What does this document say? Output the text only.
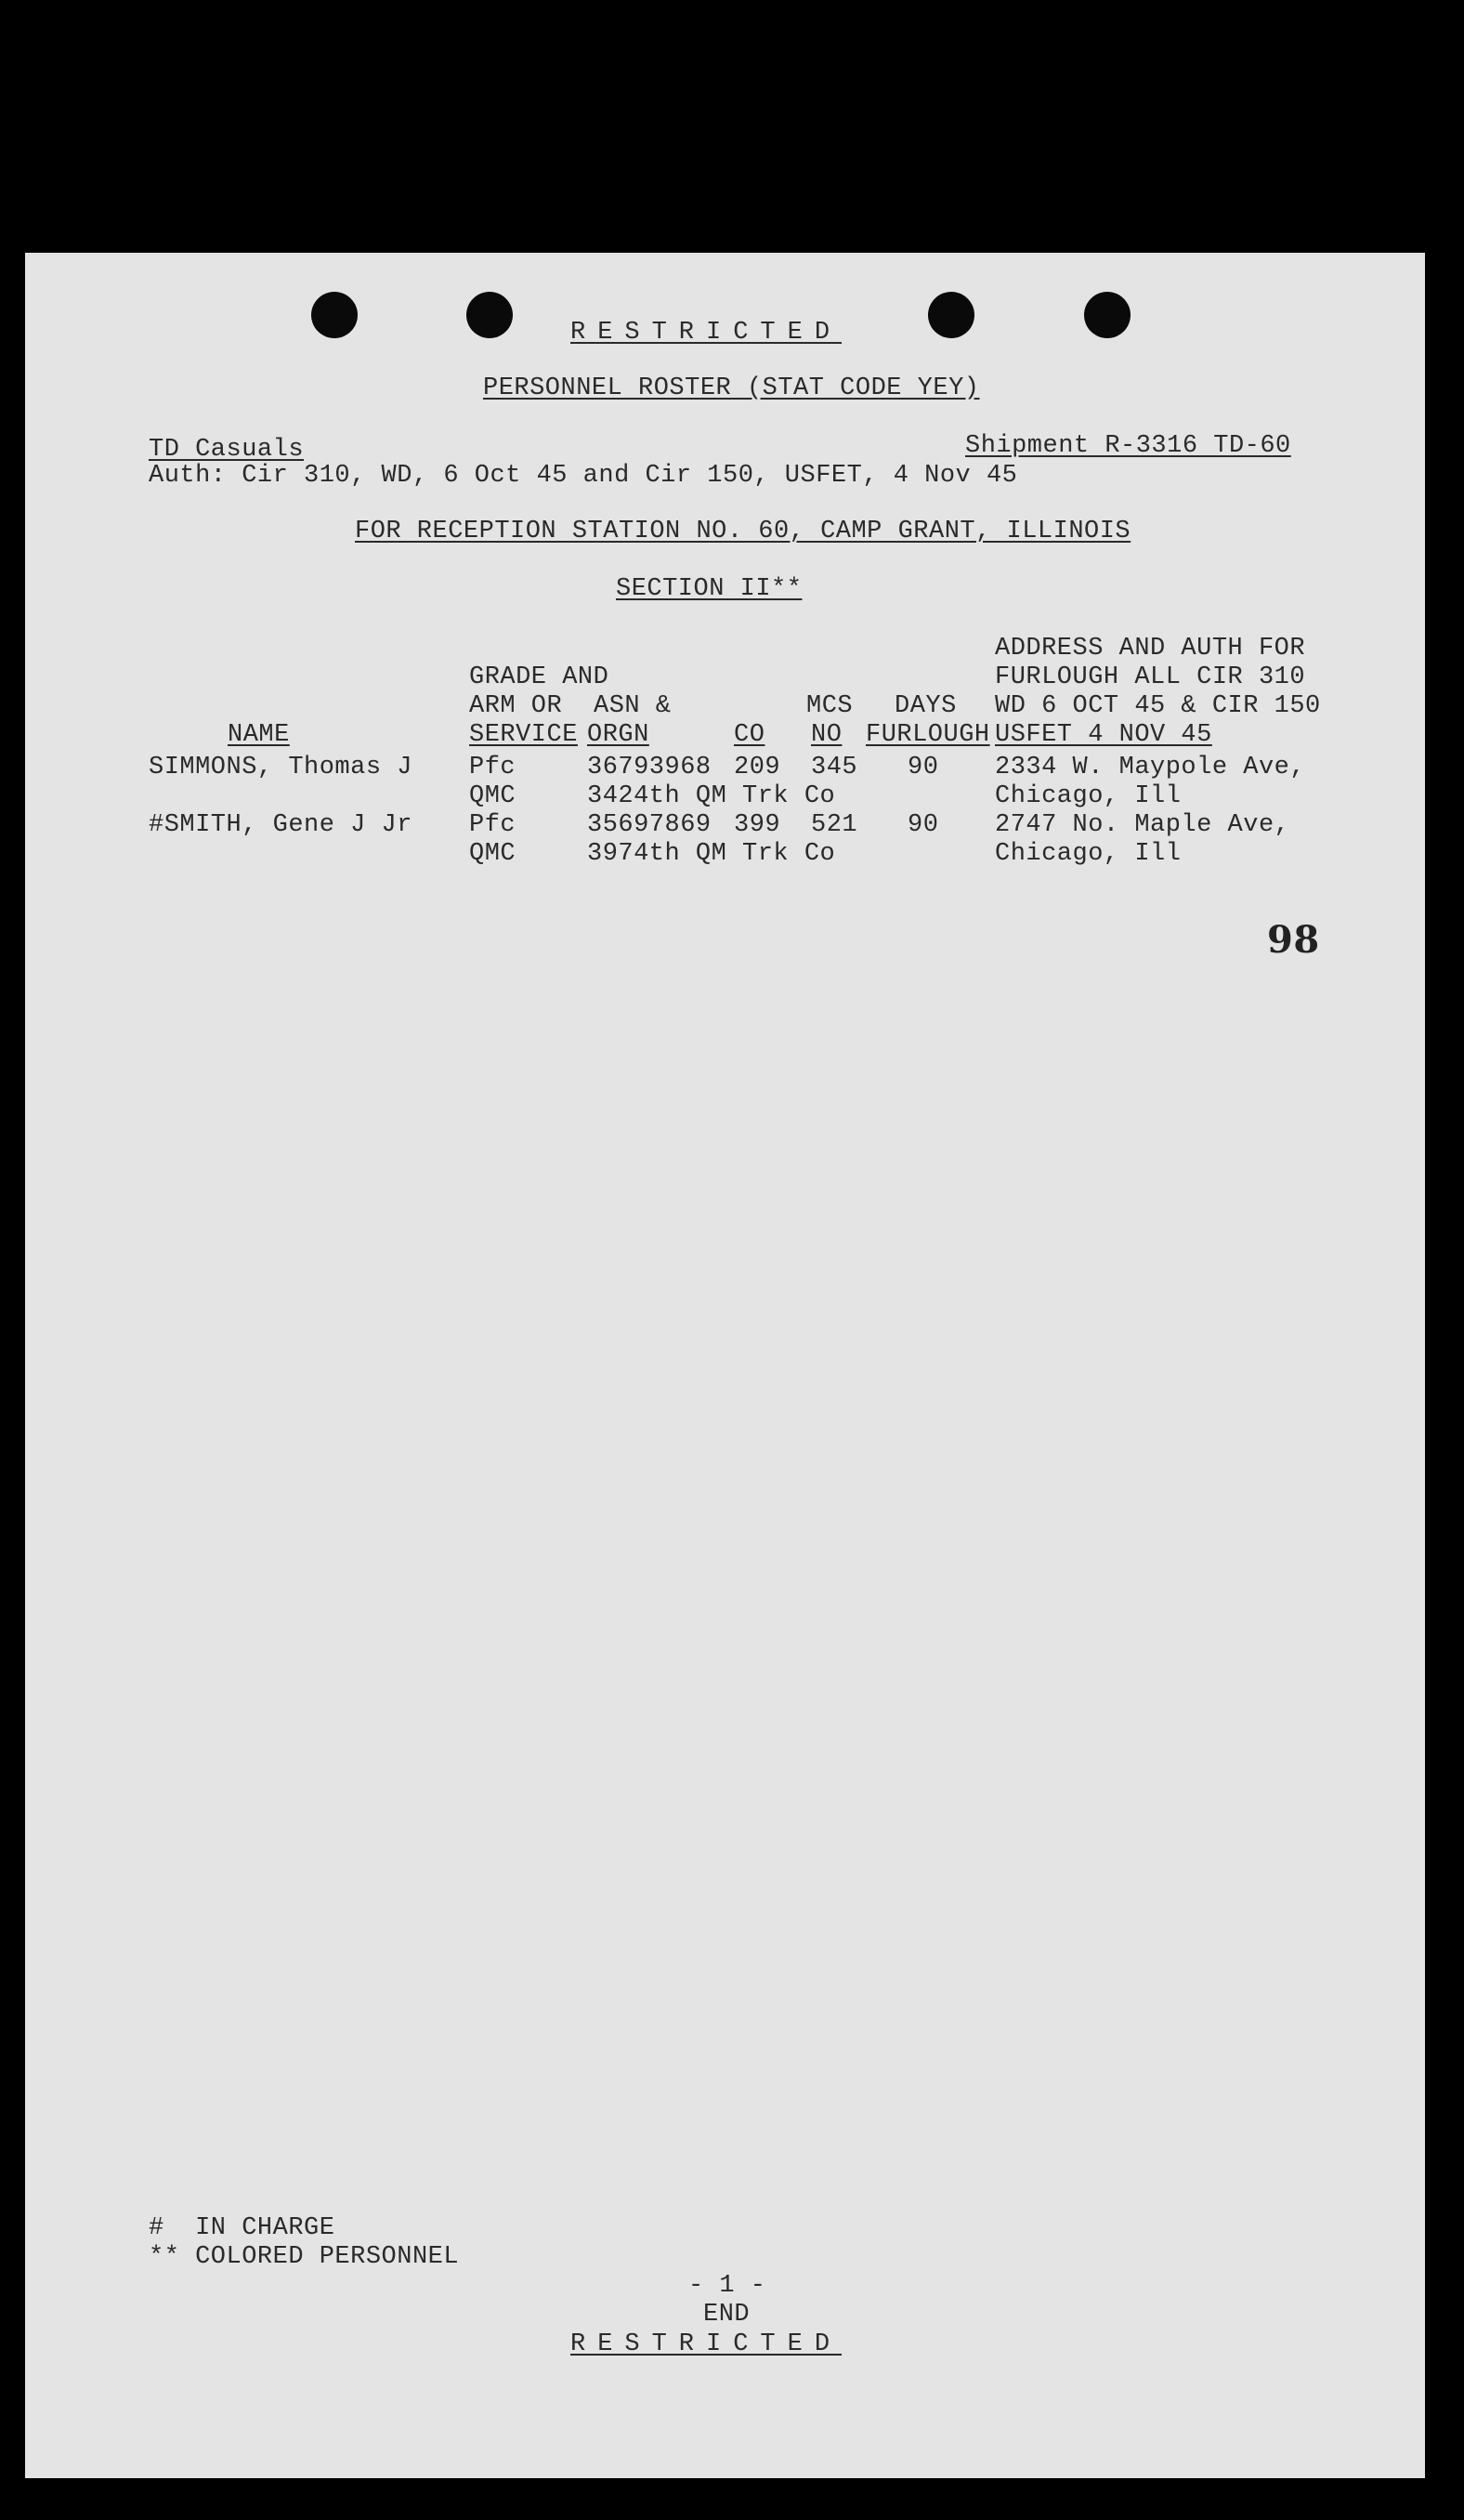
RESTRICTED
PERSONNEL ROSTER (STAT CODE YEY)
TD Casuals	Shipment R-3316 TD-60
Auth: Cir 310, WD, 6 Oct 45 and Cir 150, USFET, 4 Nov 45
FOR RECEPTION STATION NO. 60, CAMP GRANT, ILLINOIS
SECTION II**
ADDRESS AND AUTH FOR
FURLOUGH ALL CIR 310
WD 6 OCT 45 & CIR 150
USFET 4 NOV 45
GRADE AND
ARM OR
SERVICE
ASN &
ORGN	CO
MCS
NO
DAYS
FURLOUGH
NAME
SIMMONS, Thomas J Pfc
QMC
36793968
3424th QM Trk Co
209 345 90 2334 W. Maypole Ave,
Chicago, Ill
#SMITH, Gene J Jr Pfc
QMC
35697869
3974th QM Trk Co
399 521 90 2747 No. Maple Ave,
Chicago, Ill
98
#  IN CHARGE
** COLORED PERSONNEL
- 1 -
END
RESTRICTED
